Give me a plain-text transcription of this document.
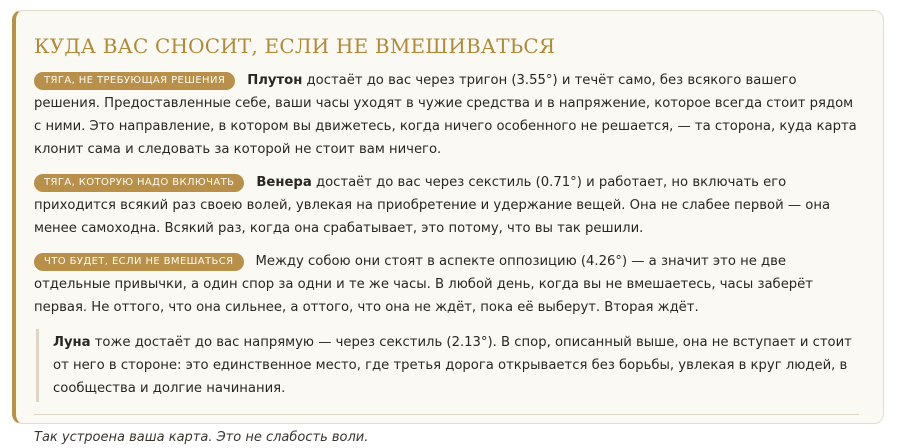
КУДА ВАС СНОСИТ, ЕСЛИ НЕ ВМЕШИВАТЬСЯ

ТЯГА, НЕ ТРЕБУЮЩАЯ РЕШЕНИЯ Плутон достаёт до вас через тригон (3.55°) и течёт само, без всякого вашего решения. Предоставленные себе, ваши часы уходят в чужие средства и в напряжение, которое всегда стоит рядом с ними. Это направление, в котором вы движетесь, когда ничего особенного не решается, — та сторона, куда карта клонит сама и следовать за которой не стоит вам ничего.

ТЯГА, КОТОРУЮ НАДО ВКЛЮЧАТЬ Венера достаёт до вас через секстиль (0.71°) и работает, но включать его приходится всякий раз своею волей, увлекая на приобретение и удержание вещей. Она не слабее первой — она менее самоходна. Всякий раз, когда она срабатывает, это потому, что вы так решили.

ЧТО БУДЕТ, ЕСЛИ НЕ ВМЕШАТЬСЯ Между собою они стоят в аспекте оппозицию (4.26°) — а значит это не две отдельные привычки, а один спор за одни и те же часы. В любой день, когда вы не вмешаетесь, часы заберёт первая. Не оттого, что она сильнее, а оттого, что она не ждёт, пока её выберут. Вторая ждёт.

Луна тоже достаёт до вас напрямую — через секстиль (2.13°). В спор, описанный выше, она не вступает и стоит от него в стороне: это единственное место, где третья дорога открывается без борьбы, увлекая в круг людей, в сообщества и долгие начинания.
Так устроена ваша карта. Это не слабость воли.
